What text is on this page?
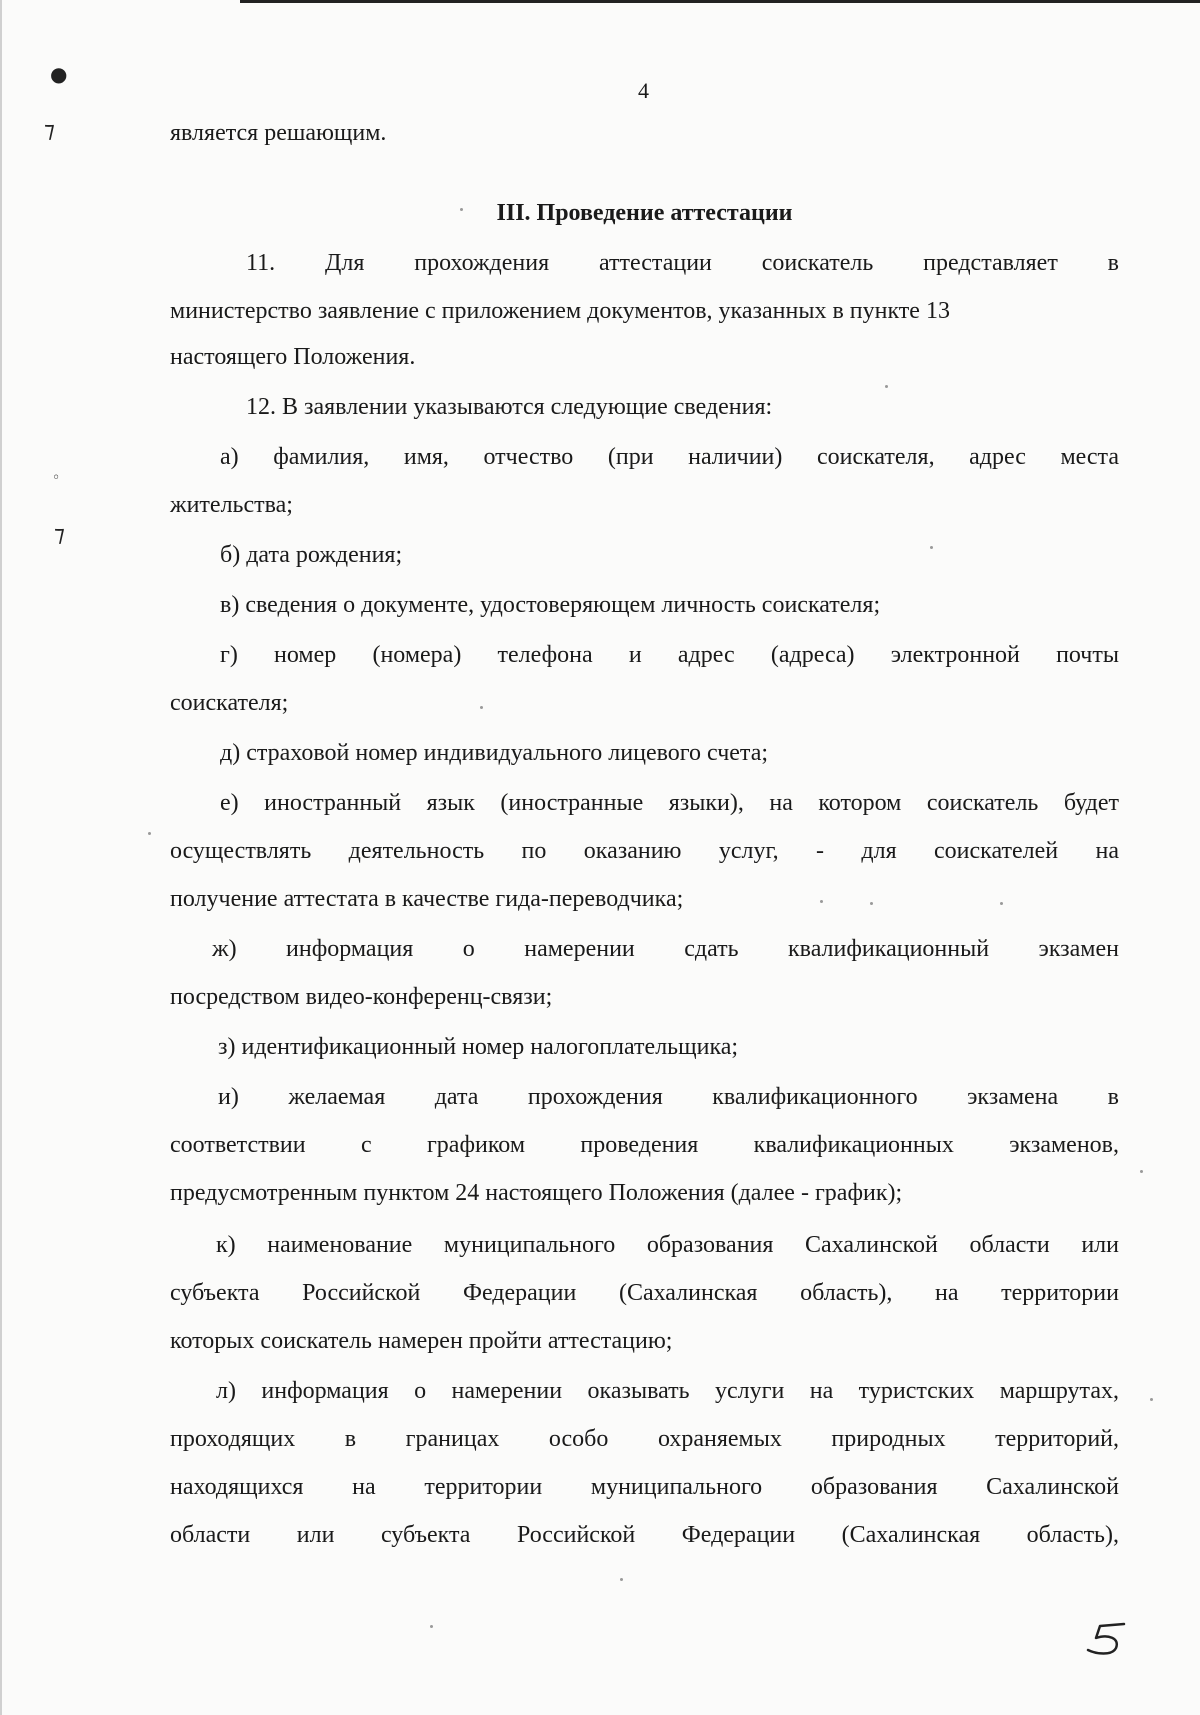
●
⁊
◦
⁊
4
является решающим.
III. Проведение аттестации
11. Для прохождения аттестации соискатель представляет в
министерство заявление с приложением документов, указанных в пункте 13
настоящего Положения.
12. В заявлении указываются следующие сведения:
а) фамилия, имя, отчество (при наличии) соискателя, адрес места
жительства;
б) дата рождения;
в) сведения о документе, удостоверяющем личность соискателя;
г) номер (номера) телефона и адрес (адреса) электронной почты
соискателя;
д) страховой номер индивидуального лицевого счета;
е) иностранный язык (иностранные языки), на котором соискатель будет
осуществлять деятельность по оказанию услуг, - для соискателей на
получение аттестата в качестве гида-переводчика;
ж) информация о намерении сдать квалификационный экзамен
посредством видео-конференц-связи;
з) идентификационный номер налогоплательщика;
и) желаемая дата прохождения квалификационного экзамена в
соответствии с графиком проведения квалификационных экзаменов,
предусмотренным пунктом 24 настоящего Положения (далее - график);
к) наименование муниципального образования Сахалинской области или
субъекта Российской Федерации (Сахалинская область), на территории
которых соискатель намерен пройти аттестацию;
л) информация о намерении оказывать услуги на туристских маршрутах,
проходящих в границах особо охраняемых природных территорий,
находящихся на территории муниципального образования Сахалинской
области или субъекта Российской Федерации (Сахалинская область),
